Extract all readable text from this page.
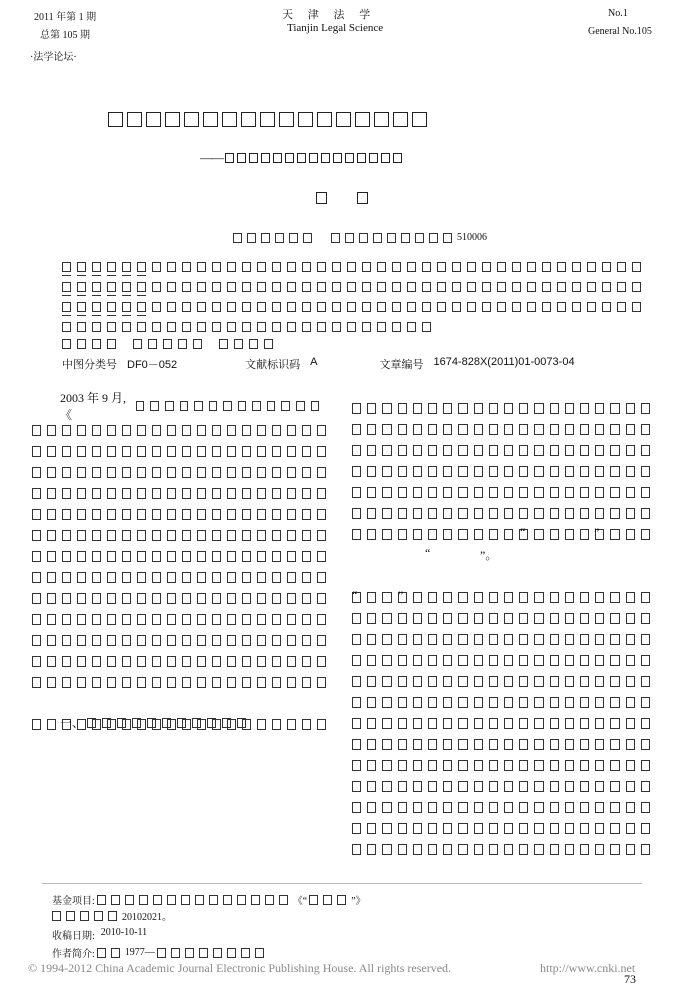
2011 年第 1 期
总第 105 期
天 津 法 学
Tianjin Legal Science
No.1
General No.105
·法学论坛·
——
510006
中图分类号 DF0－052	文献标识码 A	文章编号 1674-828X(2011)01-0073-04
2003 年 9 月,《
一、
“	”
“	”。
“	”
基金项目:	《“	”》
20102021。
收稿日期: 2010-10-11
作者简介:	1977—
© 1994-2012 China Academic Journal Electronic Publishing House. All rights reserved.	http://www.cnki.net
73
